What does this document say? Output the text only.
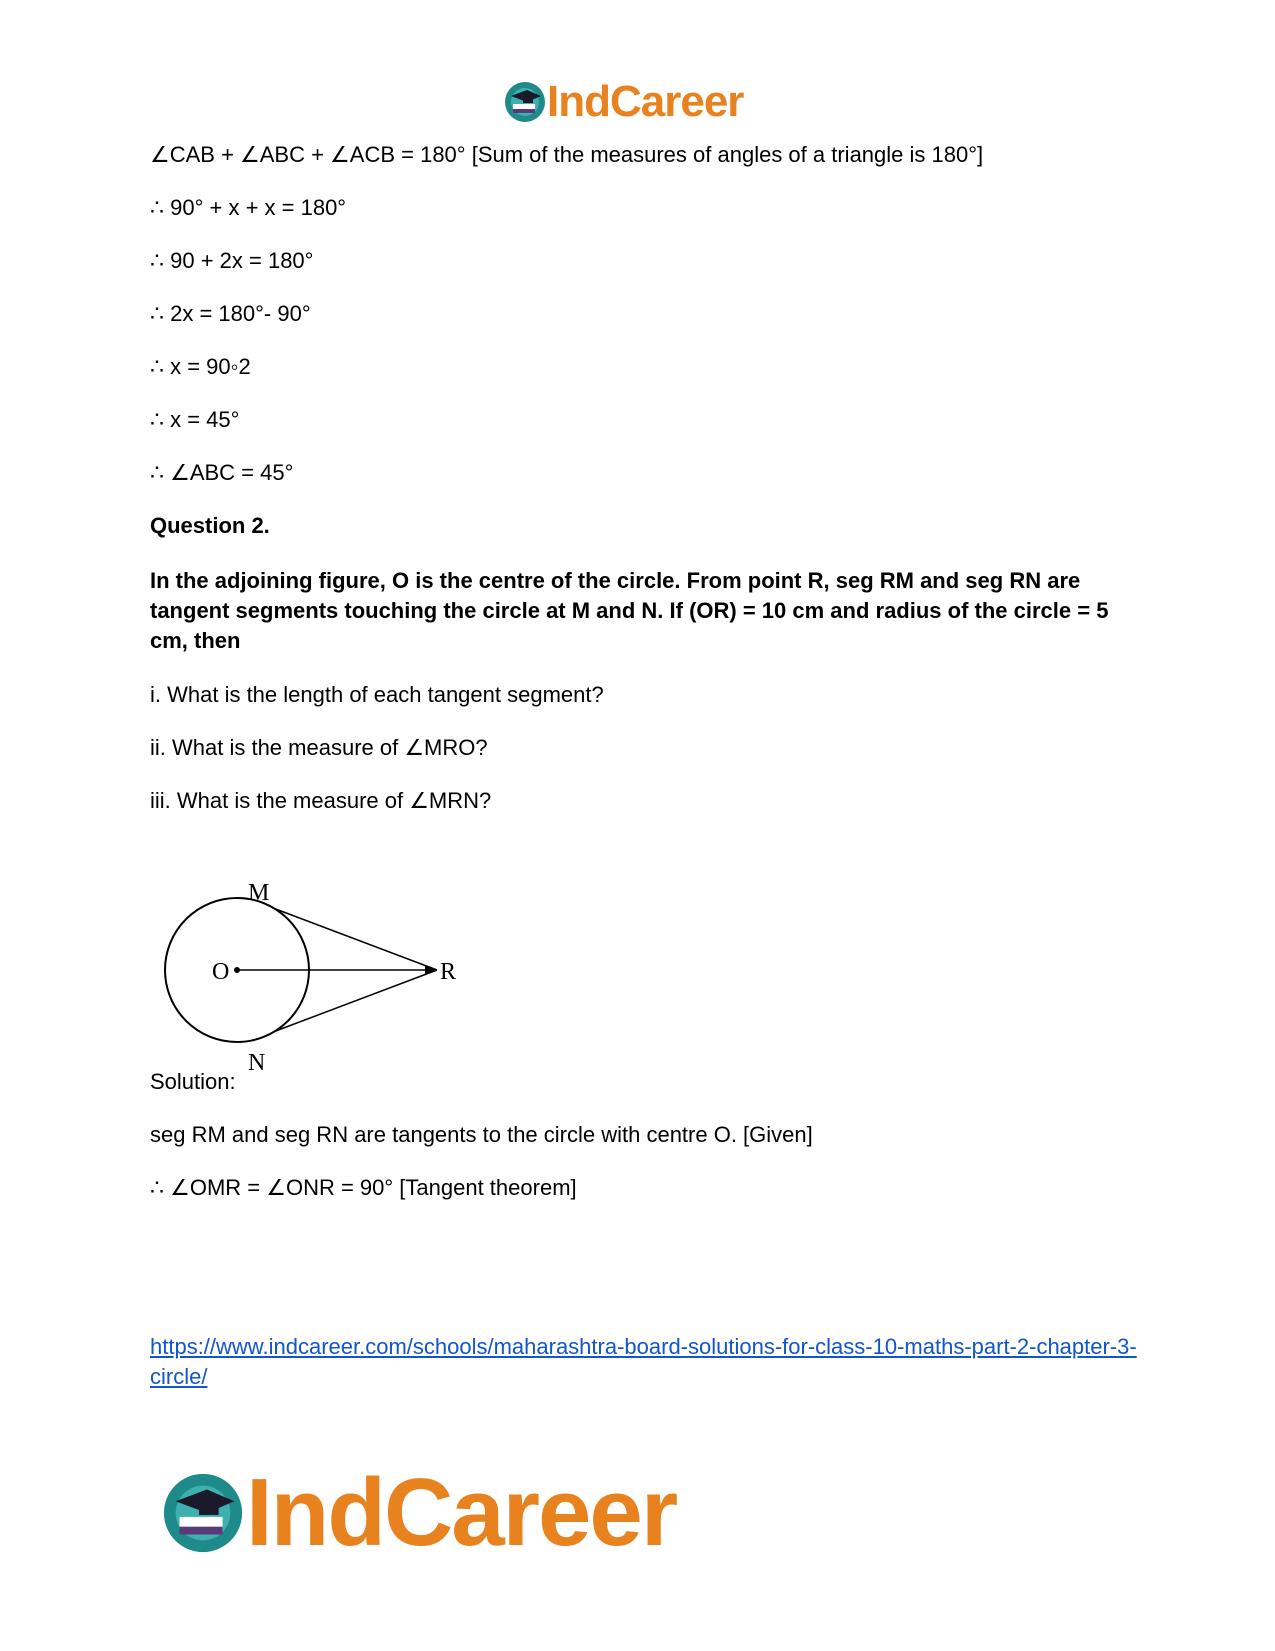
IndCareer
∠CAB + ∠ABC + ∠ACB = 180° [Sum of the measures of angles of a triangle is 180°]
∴ 90° + x + x = 180°
∴ 90 + 2x = 180°
∴ 2x = 180°- 90°
∴ x = 90◦2
∴ x = 45°
∴ ∠ABC = 45°
Question 2.
In the adjoining figure, O is the centre of the circle. From point R, seg RM and seg RN are tangent segments touching the circle at M and N. If (OR) = 10 cm and radius of the circle = 5 cm, then
i. What is the length of each tangent segment?
ii. What is the measure of ∠MRO?
iii. What is the measure of ∠MRN?
M
N
O	R
Solution:
seg RM and seg RN are tangents to the circle with centre O. [Given]
∴ ∠OMR = ∠ONR = 90° [Tangent theorem]
https://www.indcareer.com/schools/maharashtra-board-solutions-for-class-10-maths-part-2-chapter-3-circle/
IndCareer
